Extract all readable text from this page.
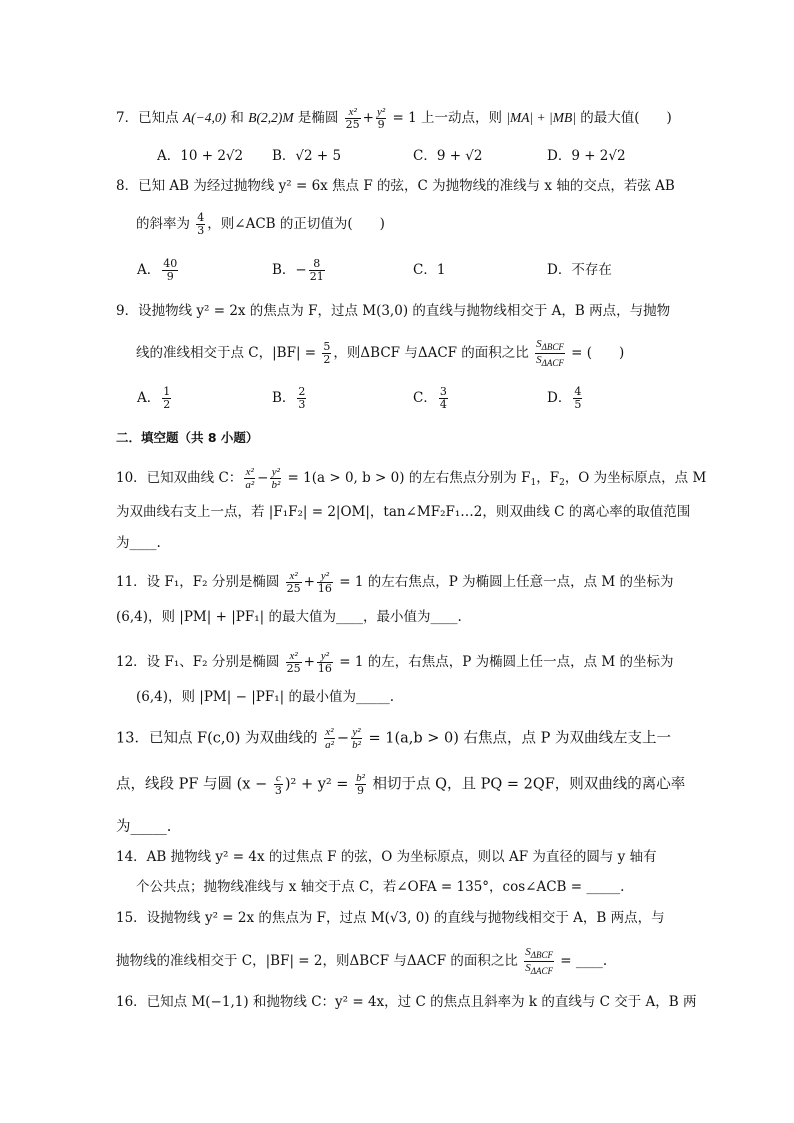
7．已知点 A(−4,0) 和 B(2,2)M 是椭圆 $\frac{\text{x²}}{25} + \frac{\text{y²}}{9} = 1$ 上一动点，则 |MA| + |MB| 的最大值(　　)
A．10 + 2√2 B．√2 + 5	C．9 + √2	D．9 + 2√2
8．已知 AB 为经过抛物线 y² = 6x 焦点 F 的弦，C 为抛物线的准线与 x 轴的交点，若弦 AB
的斜率为 $\frac{4}{3}$ ，则∠ACB 的正切值为(　　)
A． $\frac{40}{9}$	B．− $\frac{8}{21}$	C．1	D．不存在
9．设抛物线 y² = 2x 的焦点为 F，过点 M(3,0) 的直线与抛物线相交于 A，B 两点，与抛物
线的准线相交于点 C，$|BF| = \frac{5}{2}$ ，则ΔBCF 与ΔACF 的面积之比 $\frac{S_{\Delta BCF}}{S_{\Delta ACF}}$ = (　　)
A． $\frac{1}{2}$	B． $\frac{2}{3}$	C． $\frac{3}{4}$	D． $\frac{4}{5}$
二．填空题（共 8 小题）
10．已知双曲线 C： $\frac{\text{x²}}{\text{a²}} - \frac{\text{y²}}{\text{b²}} = 1(a > 0$, b > 0) 的左右焦点分别为 $F_1$，$F_2$，O 为坐标原点，点 M
为双曲线右支上一点，若 |F₁F₂| = 2|OM|，tan∠MF₂F₁…2，则双曲线 C 的离心率的取值范围
为____.
11．设 F₁，F₂ 分别是椭圆 $\frac{\text{x²}}{25} + \frac{\text{y²}}{16} = 1$ 的左右焦点，P 为椭圆上任意一点，点 M 的坐标为
(6,4)，则 |PM| + |PF₁| 的最大值为____，最小值为____.
12．设 F₁、F₂ 分别是椭圆 $\frac{\text{x²}}{25} + \frac{\text{y²}}{16} = 1$ 的左，右焦点，P 为椭圆上任一点，点 M 的坐标为
(6,4)，则 |PM| − |PF₁| 的最小值为_____.
13．已知点 F(c,0) 为双曲线的 $\frac{\text{x²}}{\text{a²}} - \frac{\text{y²}}{\text{b²}} = 1(a,b > 0)$ 右焦点，点 P 为双曲线左支上一
点，线段 PF 与圆 $(x - \frac{c}{3} )^2 + y^2 = \frac{\text{b²}}{9}$ 相切于点 Q，且 PQ = 2QF，则双曲线的离心率
为_____.
14．AB 抛物线 y² = 4x 的过焦点 F 的弦，O 为坐标原点，则以 AF 为直径的圆与 y 轴有
个公共点；抛物线准线与 x 轴交于点 C，若∠OFA = 135°，cos∠ACB = _____.
15．设抛物线 y² = 2x 的焦点为 F，过点 M(√3, 0) 的直线与抛物线相交于 A，B 两点，与
抛物线的准线相交于 C，|BF| = 2，则ΔBCF 与ΔACF 的面积之比 $\frac{S_{\Delta BCF}}{S_{\Delta ACF}}$ = ____.
16．已知点 M(−1,1) 和抛物线 C：y² = 4x，过 C 的焦点且斜率为 k 的直线与 C 交于 A，B 两
